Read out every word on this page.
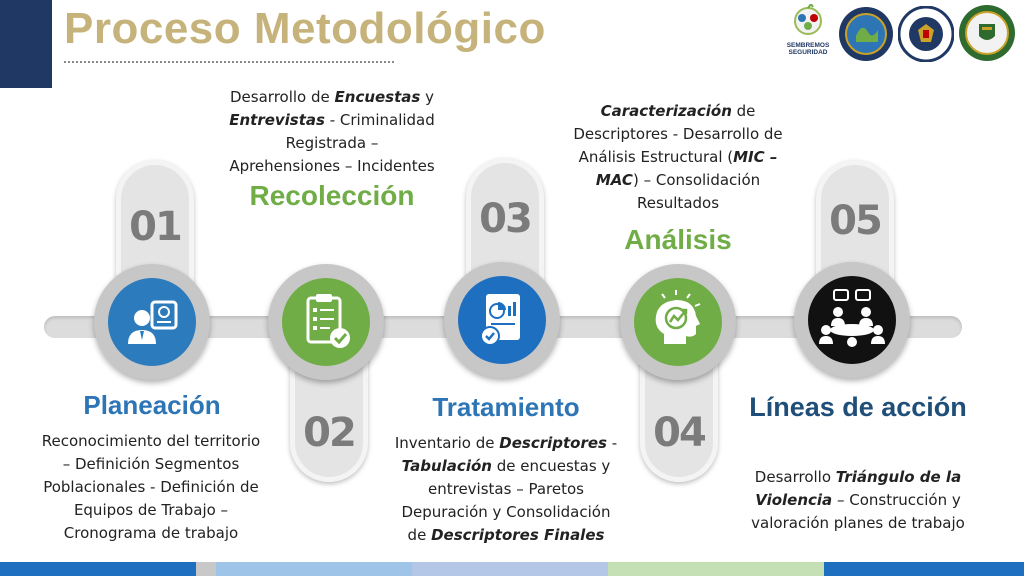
Proceso Metodológico	SEMBREMOS SEGURIDAD
01	03	05
02	04
Planeación
Recolección
Tratamiento
Análisis
Líneas de acción
Reconocimiento del territorio
– Definición Segmentos
Poblacionales - Definición de
Equipos de Trabajo –
Cronograma de trabajo
Desarrollo de Encuestas y
Entrevistas - Criminalidad
Registrada –
Aprehensiones – Incidentes
Inventario de Descriptores -
Tabulación de encuestas y
entrevistas – Paretos
Depuración y Consolidación
de Descriptores Finales
Caracterización de
Descriptores - Desarrollo de
Análisis Estructural (MIC –
MAC) – Consolidación
Resultados
Desarrollo Triángulo de la
Violencia – Construcción y
valoración planes de trabajo
